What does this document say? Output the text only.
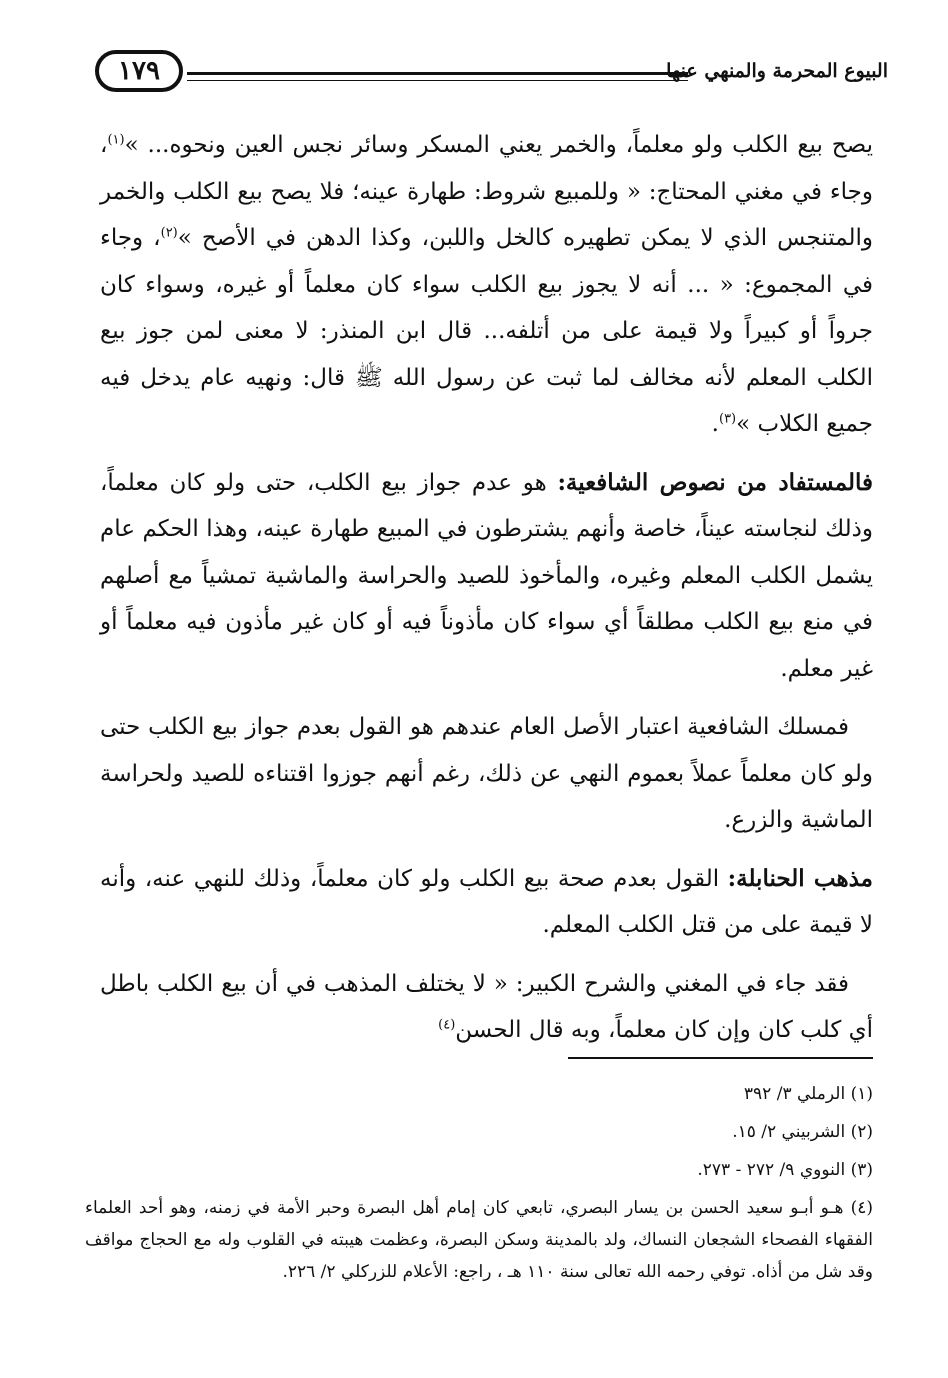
١٧٩	البيوع المحرمة والمنهي عنها

يصح بيع الكلب ولو معلماً، والخمر يعني المسكر وسائر نجس العين ونحوه... »$^{(١)}$، وجاء في مغني المحتاج: « وللمبيع شروط: طهارة عينه؛ فلا يصح بيع الكلب والخمر والمتنجس الذي لا يمكن تطهيره كالخل واللبن، وكذا الدهن في الأصح »$^{(٢)}$، وجاء في المجموع: « ... أنه لا يجوز بيع الكلب سواء كان معلماً أو غيره، وسواء كان جرواً أو كبيراً ولا قيمة على من أتلفه... قال ابن المنذر: لا معنى لمن جوز بيع الكلب المعلم لأنه مخالف لما ثبت عن رسول الله ﷺ قال: ونهيه عام يدخل فيه جميع الكلاب »$^{(٣)}$.

فالمستفاد من نصوص الشافعية: هو عدم جواز بيع الكلب، حتى ولو كان معلماً، وذلك لنجاسته عيناً، خاصة وأنهم يشترطون في المبيع طهارة عينه، وهذا الحكم عام يشمل الكلب المعلم وغيره، والمأخوذ للصيد والحراسة والماشية تمشياً مع أصلهم في منع بيع الكلب مطلقاً أي سواء كان مأذوناً فيه أو كان غير مأذون فيه معلماً أو غير معلم.

فمسلك الشافعية اعتبار الأصل العام عندهم هو القول بعدم جواز بيع الكلب حتى ولو كان معلماً عملاً بعموم النهي عن ذلك، رغم أنهم جوزوا اقتناءه للصيد ولحراسة الماشية والزرع.

مذهب الحنابلة: القول بعدم صحة بيع الكلب ولو كان معلماً، وذلك للنهي عنه، وأنه لا قيمة على من قتل الكلب المعلم.

فقد جاء في المغني والشرح الكبير: « لا يختلف المذهب في أن بيع الكلب باطل أي كلب كان وإن كان معلماً، وبه قال الحسن$^{(٤)}$

(١) الرملي ٣/ ٣٩٢
(٢) الشربيني ٢/ ١٥.
(٣) النووي ٩/ ٢٧٢ - ٢٧٣.
(٤) هـو أبـو سعيد الحسن بن يسار البصري، تابعي كان إمام أهل البصرة وحبر الأمة في زمنه، وهو أحد العلماء الفقهاء الفصحاء الشجعان النساك، ولد بالمدينة وسكن البصرة، وعظمت هيبته في القلوب وله مع الحجاج مواقف وقد شل من أذاه. توفي رحمه الله تعالى سنة ١١٠ هـ ، راجع: الأعلام للزركلي ٢/ ٢٢٦.
